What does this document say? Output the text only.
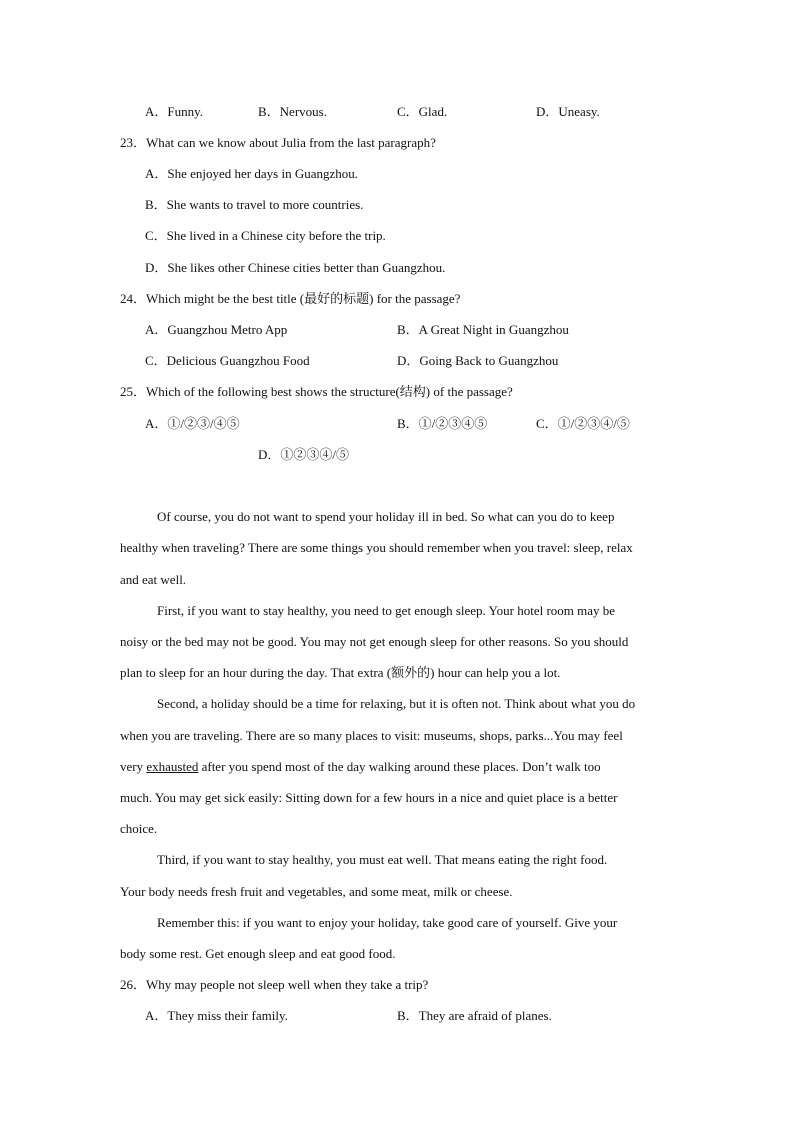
A．Funny.	B．Nervous.	C．Glad.	D．Uneasy.
23．What can we know about Julia from the last paragraph?
A．She enjoyed her days in Guangzhou.
B．She wants to travel to more countries.
C．She lived in a Chinese city before the trip.
D．She likes other Chinese cities better than Guangzhou.
24．Which might be the best title (最好的标题) for the passage?
A．Guangzhou Metro App	B．A Great Night in Guangzhou
C．Delicious Guangzhou Food	D．Going Back to Guangzhou
25．Which of the following best shows the structure(结构) of the passage?
A．①/②③/④⑤	B．①/②③④⑤	C．①/②③④/⑤
D．①②③④/⑤
Of course, you do not want to spend your holiday ill in bed. So what can you do to keep
healthy when traveling? There are some things you should remember when you travel: sleep, relax
and eat well.
First, if you want to stay healthy, you need to get enough sleep. Your hotel room may be
noisy or the bed may not be good. You may not get enough sleep for other reasons. So you should
plan to sleep for an hour during the day. That extra (额外的) hour can help you a lot.
Second, a holiday should be a time for relaxing, but it is often not. Think about what you do
when you are traveling. There are so many places to visit: museums, shops, parks...You may feel
very exhausted after you spend most of the day walking around these places. Don’t walk too
much. You may get sick easily: Sitting down for a few hours in a nice and quiet place is a better
choice.
Third, if you want to stay healthy, you must eat well. That means eating the right food.
Your body needs fresh fruit and vegetables, and some meat, milk or cheese.
Remember this: if you want to enjoy your holiday, take good care of yourself. Give your
body some rest. Get enough sleep and eat good food.
26．Why may people not sleep well when they take a trip?
A．They miss their family.	B．They are afraid of planes.
